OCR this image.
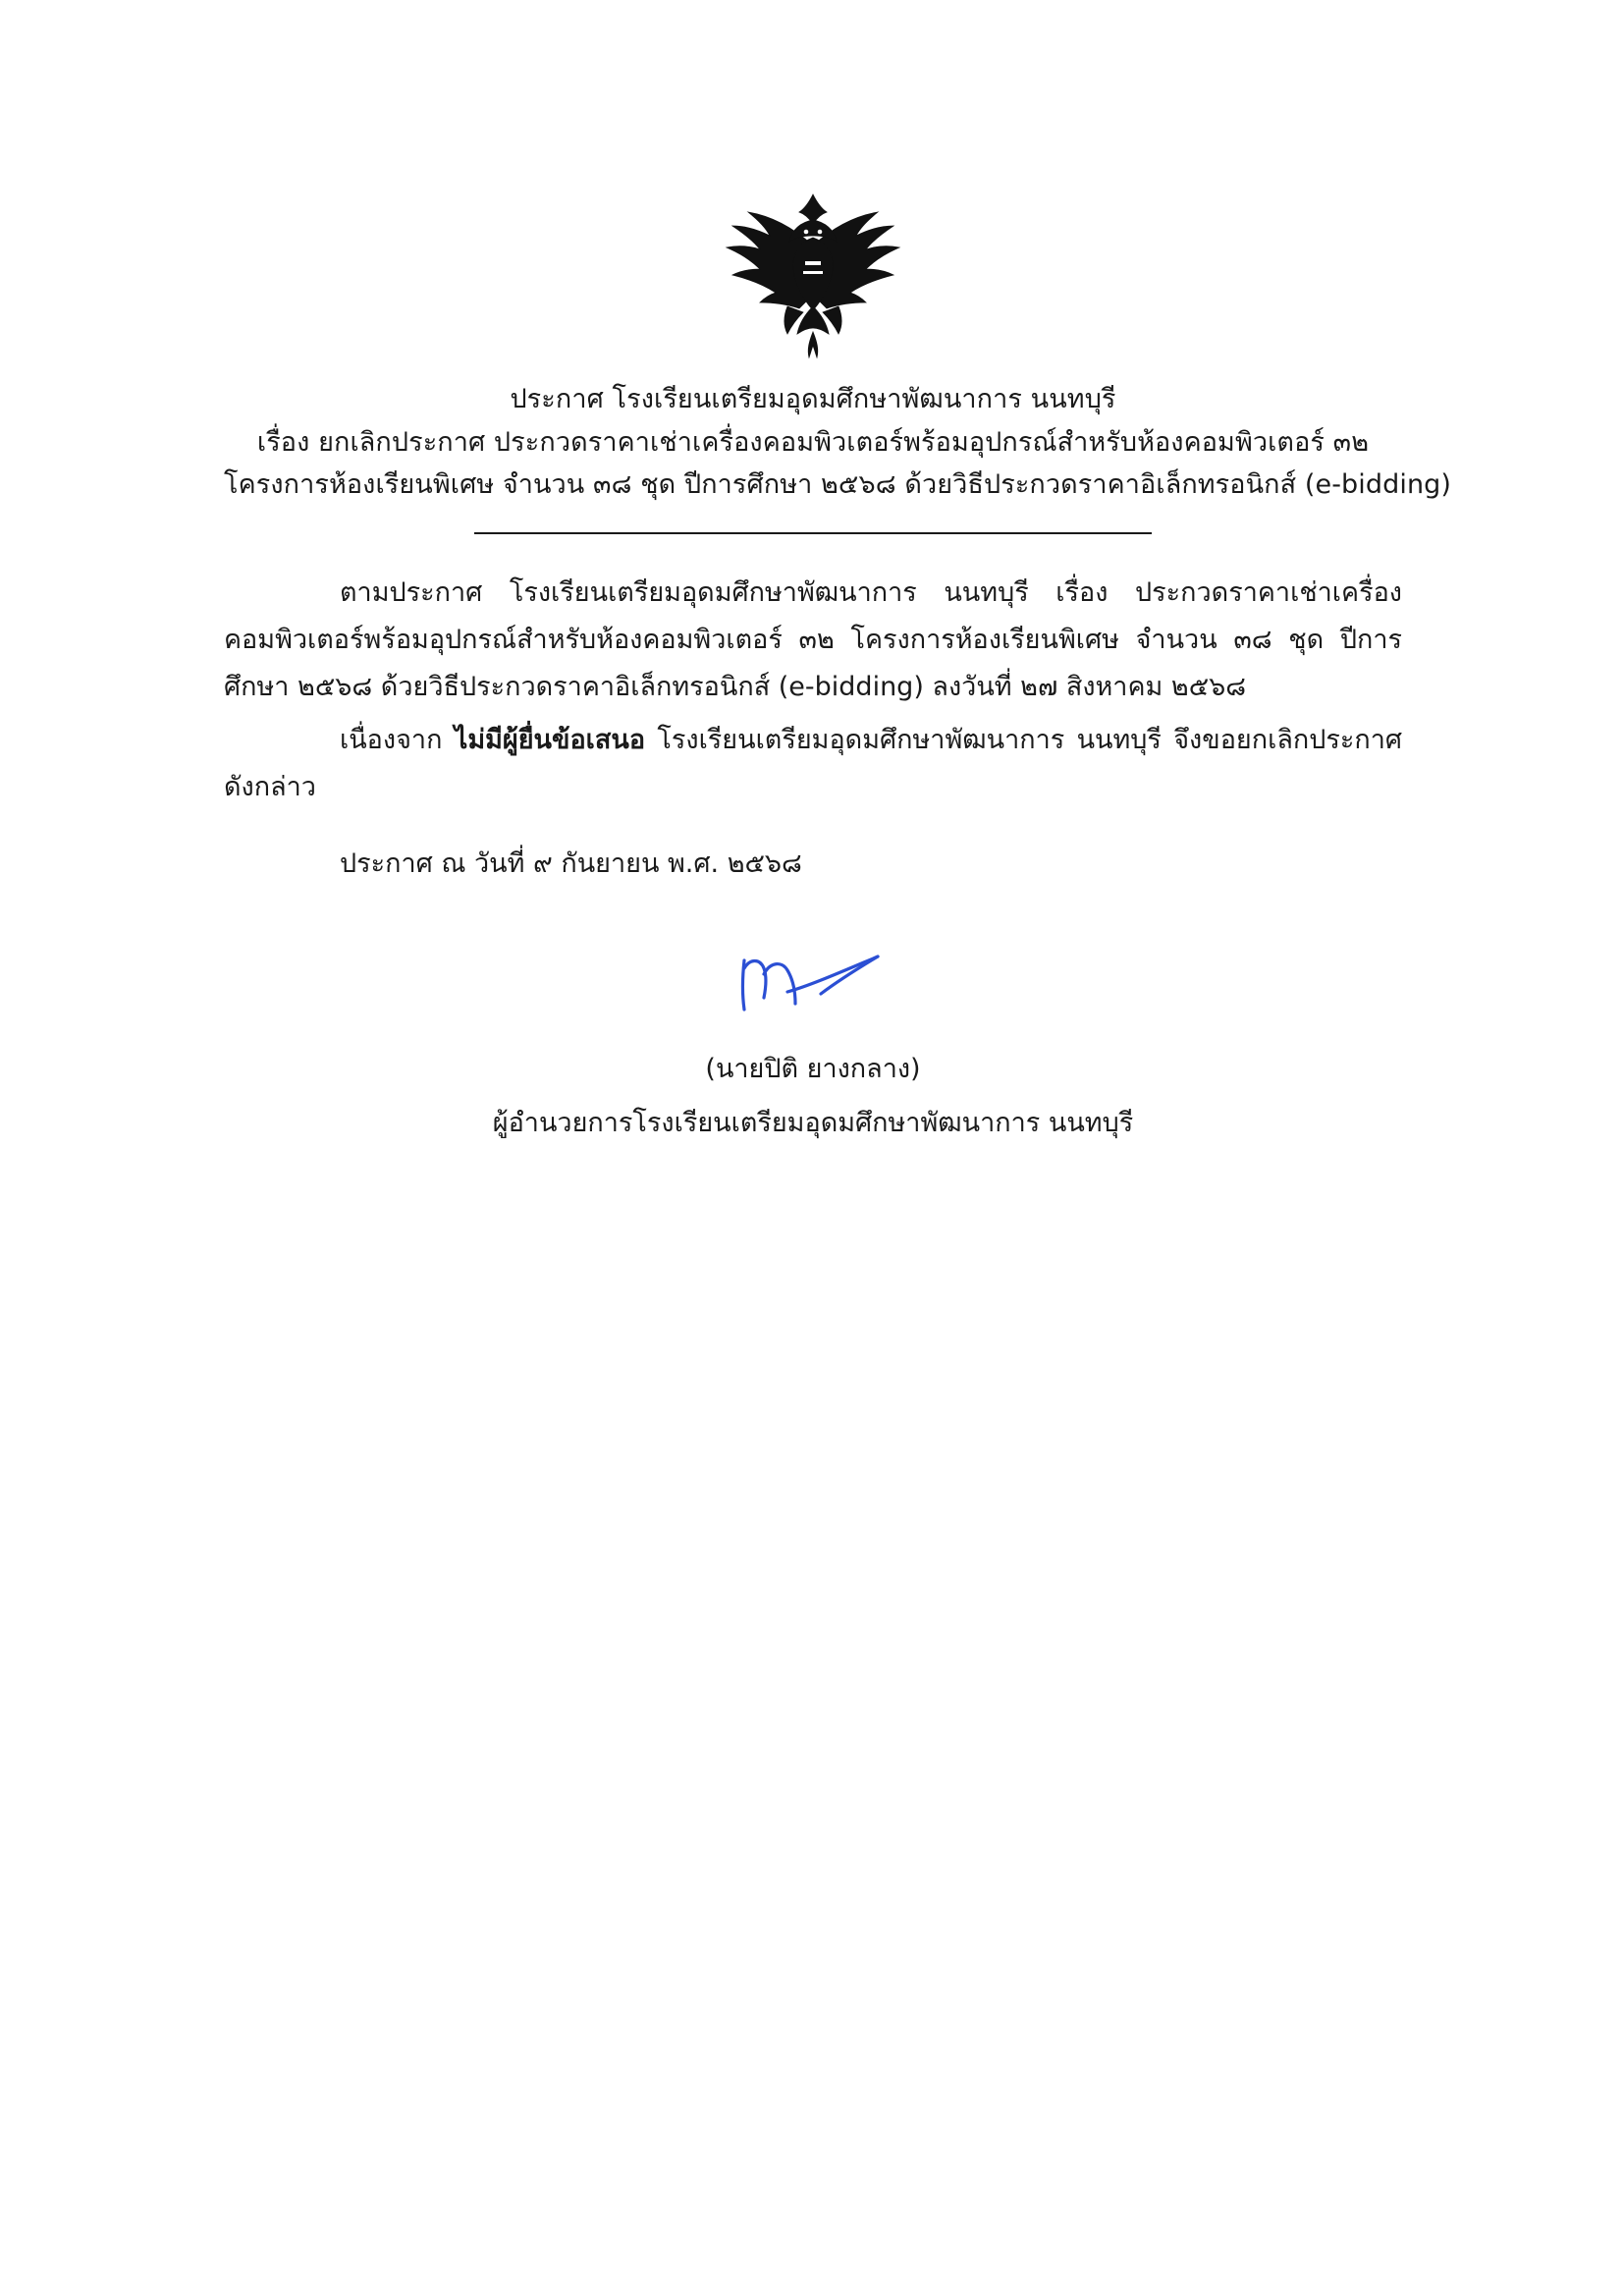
ประกาศ โรงเรียนเตรียมอุดมศึกษาพัฒนาการ นนทบุรี
เรื่อง ยกเลิกประกาศ ประกวดราคาเช่าเครื่องคอมพิวเตอร์พร้อมอุปกรณ์สำหรับห้องคอมพิวเตอร์ ๓๒
โครงการห้องเรียนพิเศษ จำนวน ๓๘ ชุด ปีการศึกษา ๒๕๖๘ ด้วยวิธีประกวดราคาอิเล็กทรอนิกส์ (e-bidding)

ตามประกาศ โรงเรียนเตรียมอุดมศึกษาพัฒนาการ นนทบุรี เรื่อง ประกวดราคาเช่าเครื่องคอมพิวเตอร์พร้อมอุปกรณ์สำหรับห้องคอมพิวเตอร์ ๓๒ โครงการห้องเรียนพิเศษ จำนวน ๓๘ ชุด ปีการศึกษา ๒๕๖๘ ด้วยวิธีประกวดราคาอิเล็กทรอนิกส์ (e-bidding) ลงวันที่ ๒๗ สิงหาคม ๒๕๖๘

เนื่องจาก ไม่มีผู้ยื่นข้อเสนอ โรงเรียนเตรียมอุดมศึกษาพัฒนาการ นนทบุรี จึงขอยกเลิกประกาศดังกล่าว

ประกาศ ณ วันที่ ๙ กันยายน พ.ศ. ๒๕๖๘
(นายปิติ ยางกลาง)
ผู้อำนวยการโรงเรียนเตรียมอุดมศึกษาพัฒนาการ นนทบุรี
